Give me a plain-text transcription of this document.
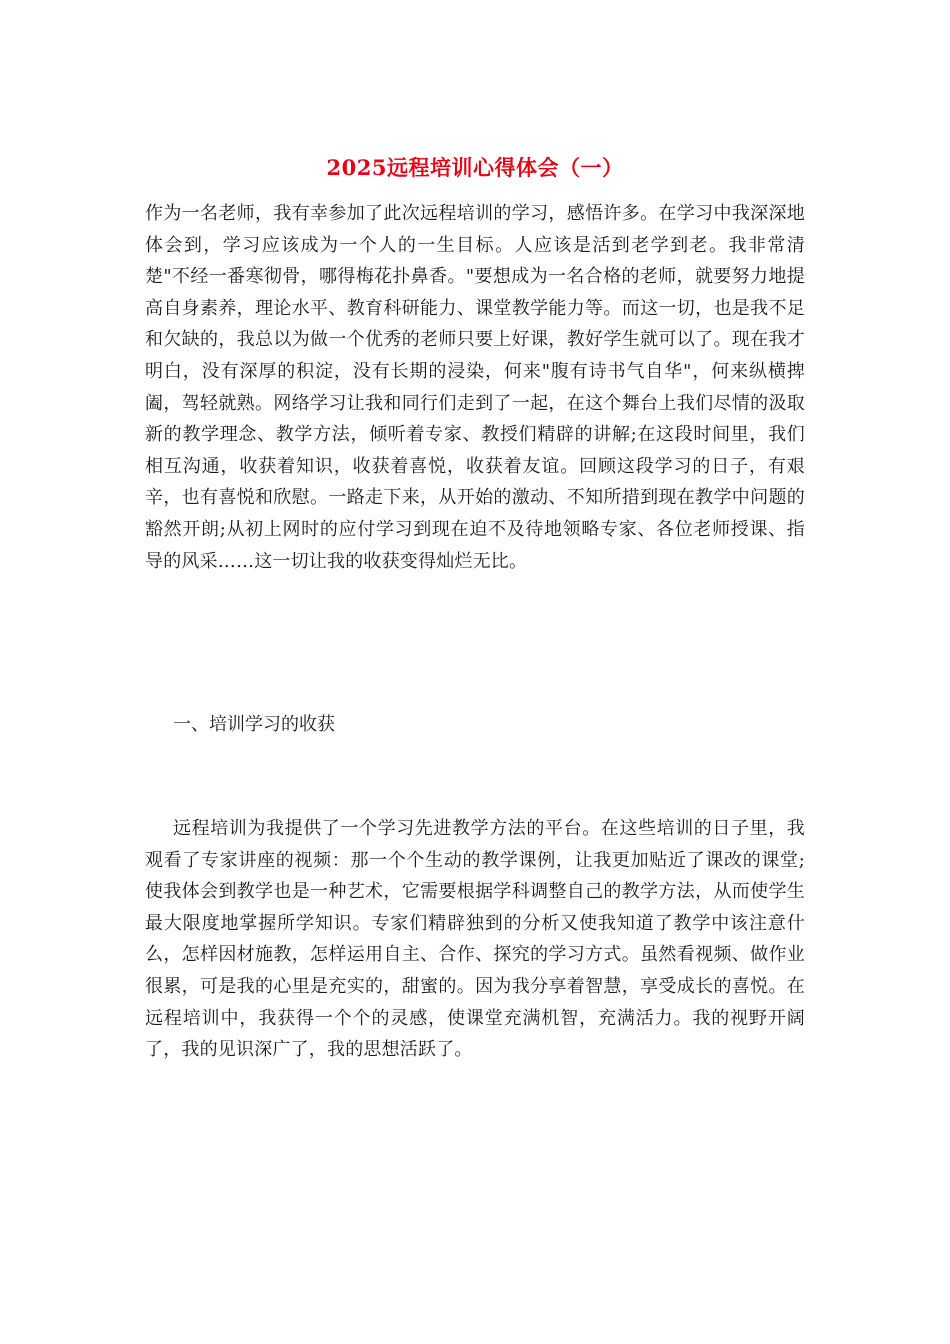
2025远程培训心得体会（一）

作为一名老师，我有幸参加了此次远程培训的学习，感悟许多。在学习中我深深地体会到，学习应该成为一个人的一生目标。人应该是活到老学到老。我非常清楚"不经一番寒彻骨，哪得梅花扑鼻香。"要想成为一名合格的老师，就要努力地提高自身素养，理论水平、教育科研能力、课堂教学能力等。而这一切，也是我不足和欠缺的，我总以为做一个优秀的老师只要上好课，教好学生就可以了。现在我才明白，没有深厚的积淀，没有长期的浸染，何来"腹有诗书气自华"，何来纵横捭阖，驾轻就熟。网络学习让我和同行们走到了一起，在这个舞台上我们尽情的汲取新的教学理念、教学方法，倾听着专家、教授们精辟的讲解;在这段时间里，我们相互沟通，收获着知识，收获着喜悦，收获着友谊。回顾这段学习的日子，有艰辛，也有喜悦和欣慰。一路走下来，从开始的激动、不知所措到现在教学中问题的豁然开朗;从初上网时的应付学习到现在迫不及待地领略专家、各位老师授课、指导的风采……这一切让我的收获变得灿烂无比。

一、培训学习的收获

远程培训为我提供了一个学习先进教学方法的平台。在这些培训的日子里，我观看了专家讲座的视频：那一个个生动的教学课例，让我更加贴近了课改的课堂;使我体会到教学也是一种艺术，它需要根据学科调整自己的教学方法，从而使学生最大限度地掌握所学知识。专家们精辟独到的分析又使我知道了教学中该注意什么，怎样因材施教，怎样运用自主、合作、探究的学习方式。虽然看视频、做作业很累，可是我的心里是充实的，甜蜜的。因为我分享着智慧，享受成长的喜悦。在远程培训中，我获得一个个的灵感，使课堂充满机智，充满活力。我的视野开阔了，我的见识深广了，我的思想活跃了。
